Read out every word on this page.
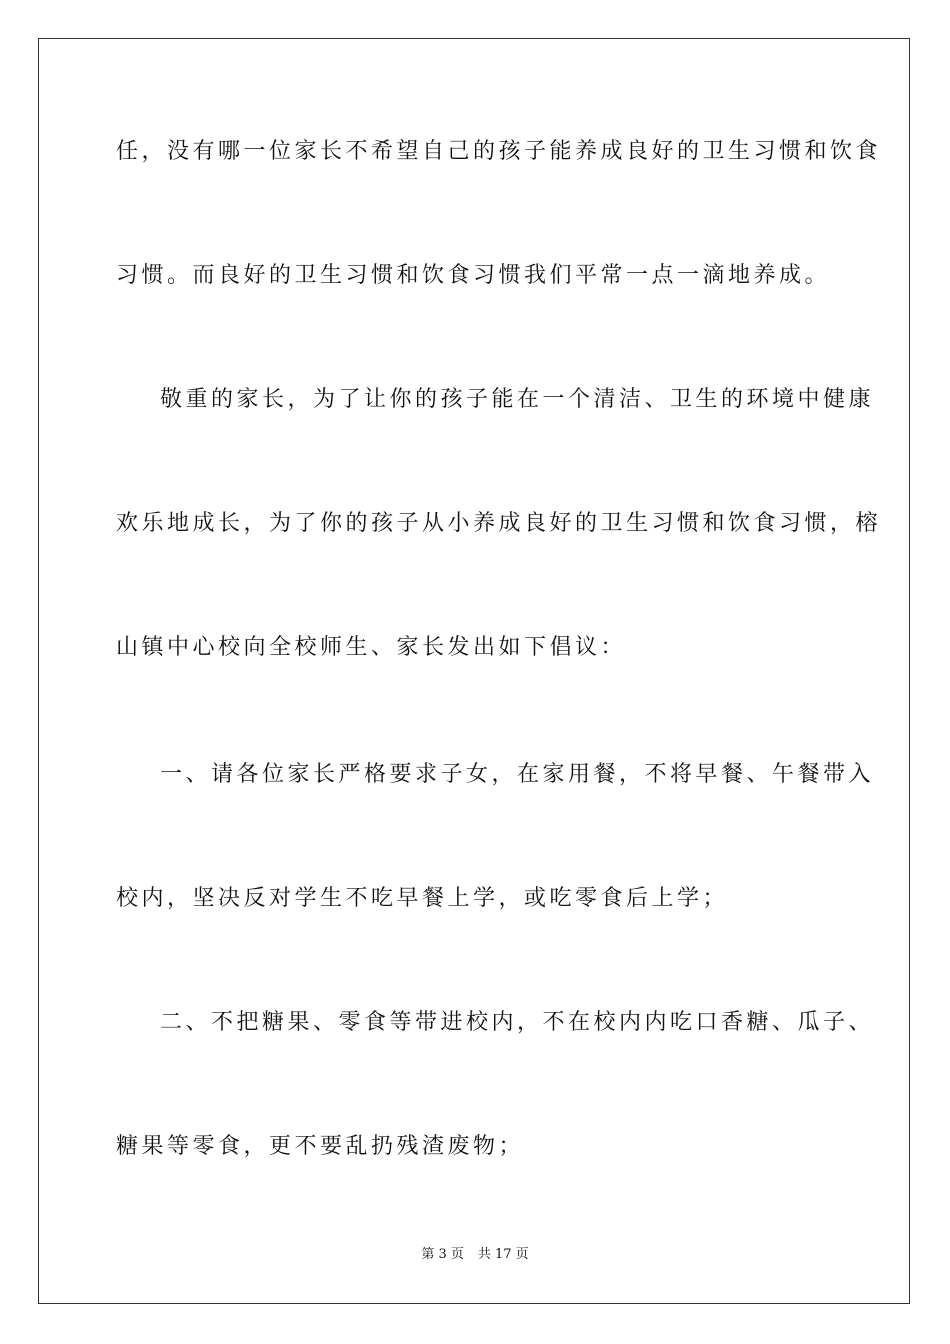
任，没有哪一位家长不希望自己的孩子能养成良好的卫生习惯和饮食
习惯。而良好的卫生习惯和饮食习惯我们平常一点一滴地养成。
敬重的家长，为了让你的孩子能在一个清洁、卫生的环境中健康
欢乐地成长，为了你的孩子从小养成良好的卫生习惯和饮食习惯，榕
山镇中心校向全校师生、家长发出如下倡议：
一、请各位家长严格要求子女，在家用餐，不将早餐、午餐带入
校内，坚决反对学生不吃早餐上学，或吃零食后上学；
二、不把糖果、零食等带进校内，不在校内内吃口香糖、瓜子、
糖果等零食，更不要乱扔残渣废物；
第 3 页 共 17 页
